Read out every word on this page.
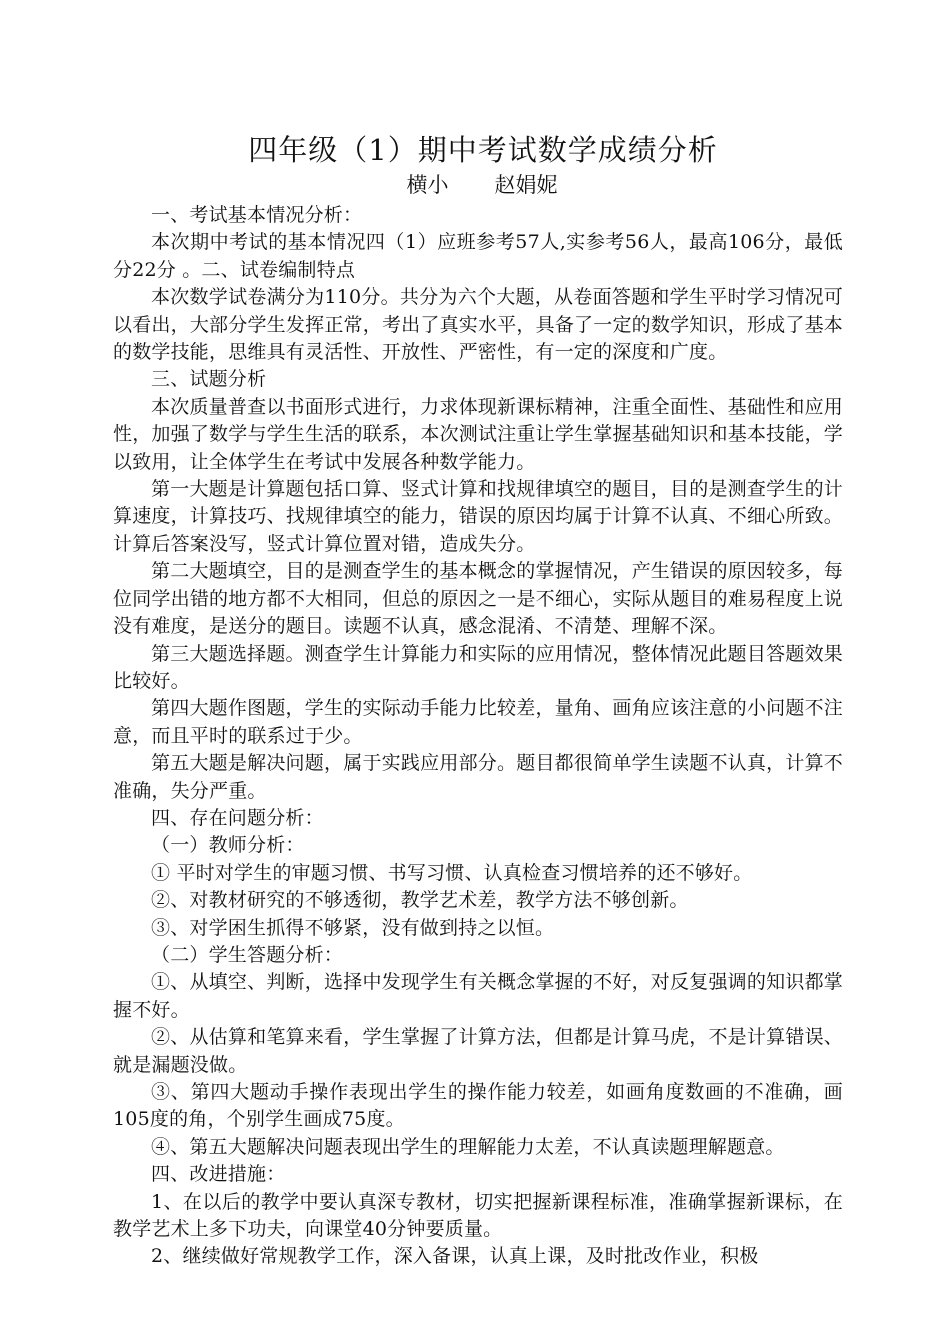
四年级（1）期中考试数学成绩分析
横小 赵娟妮

一、考试基本情况分析：

本次期中考试的基本情况四（1）应班参考57人,实参考56人，最高106分，最低分22分 。二、试卷编制特点

本次数学试卷满分为110分。共分为六个大题，从卷面答题和学生平时学习情况可以看出，大部分学生发挥正常，考出了真实水平，具备了一定的数学知识，形成了基本的数学技能，思维具有灵活性、开放性、严密性，有一定的深度和广度。

三、试题分析

本次质量普查以书面形式进行，力求体现新课标精神，注重全面性、基础性和应用性，加强了数学与学生生活的联系，本次测试注重让学生掌握基础知识和基本技能，学以致用，让全体学生在考试中发展各种数学能力。

第一大题是计算题包括口算、竖式计算和找规律填空的题目，目的是测查学生的计算速度，计算技巧、找规律填空的能力，错误的原因均属于计算不认真、不细心所致。计算后答案没写，竖式计算位置对错，造成失分。

第二大题填空，目的是测查学生的基本概念的掌握情况，产生错误的原因较多，每位同学出错的地方都不大相同，但总的原因之一是不细心，实际从题目的难易程度上说没有难度，是送分的题目。读题不认真，感念混淆、不清楚、理解不深。

第三大题选择题。测查学生计算能力和实际的应用情况，整体情况此题目答题效果比较好。

第四大题作图题，学生的实际动手能力比较差，量角、画角应该注意的小问题不注意，而且平时的联系过于少。

第五大题是解决问题，属于实践应用部分。题目都很简单学生读题不认真，计算不准确，失分严重。

四、存在问题分析：

（一）教师分析：

① 平时对学生的审题习惯、书写习惯、认真检查习惯培养的还不够好。

②、对教材研究的不够透彻，教学艺术差，教学方法不够创新。

③、对学困生抓得不够紧，没有做到持之以恒。

（二）学生答题分析：

①、从填空、判断，选择中发现学生有关概念掌握的不好，对反复强调的知识都掌握不好。

②、从估算和笔算来看，学生掌握了计算方法，但都是计算马虎，不是计算错误、就是漏题没做。

③、第四大题动手操作表现出学生的操作能力较差，如画角度数画的不准确，画105度的角，个别学生画成75度。

④、第五大题解决问题表现出学生的理解能力太差，不认真读题理解题意。

四、改进措施：

1、在以后的教学中要认真深专教材，切实把握新课程标准，准确掌握新课标，在教学艺术上多下功夫，向课堂40分钟要质量。

2、继续做好常规教学工作，深入备课，认真上课，及时批改作业，积极
